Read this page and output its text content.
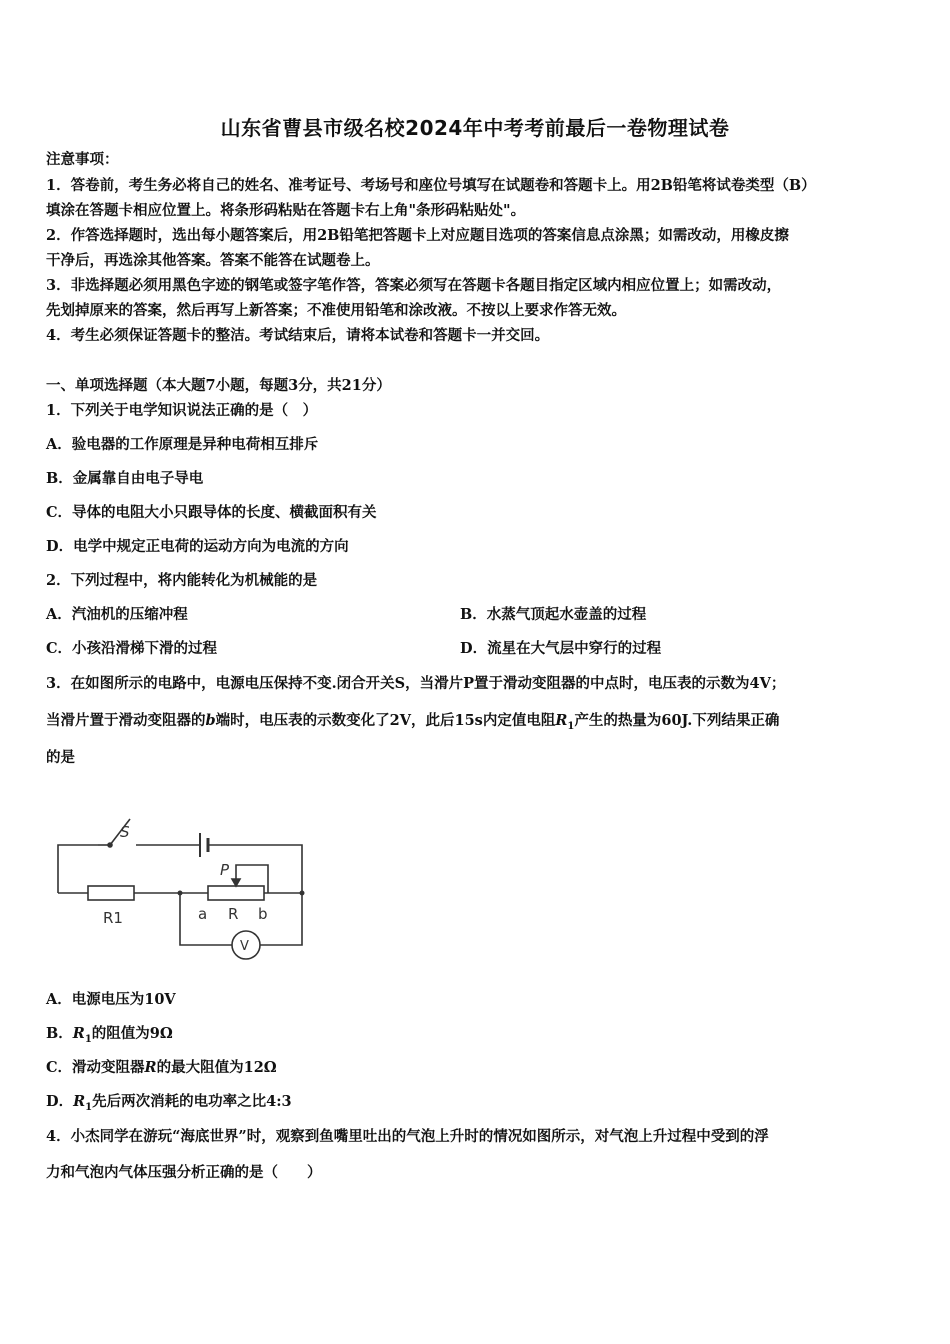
山东省曹县市级名校2024年中考考前最后一卷物理试卷
注意事项：
1．答卷前，考生务必将自己的姓名、准考证号、考场号和座位号填写在试题卷和答题卡上。用2B铅笔将试卷类型（B）
填涂在答题卡相应位置上。将条形码粘贴在答题卡右上角"条形码粘贴处"。
2．作答选择题时，选出每小题答案后，用2B铅笔把答题卡上对应题目选项的答案信息点涂黑；如需改动，用橡皮擦
干净后，再选涂其他答案。答案不能答在试题卷上。
3．非选择题必须用黑色字迹的钢笔或签字笔作答，答案必须写在答题卡各题目指定区域内相应位置上；如需改动，
先划掉原来的答案，然后再写上新答案；不准使用铅笔和涂改液。不按以上要求作答无效。
4．考生必须保证答题卡的整洁。考试结束后，请将本试卷和答题卡一并交回。
一、单项选择题（本大题7小题，每题3分，共21分）
1．下列关于电学知识说法正确的是（　）
A．验电器的工作原理是异种电荷相互排斥
B．金属靠自由电子导电
C．导体的电阻大小只跟导体的长度、横截面积有关
D．电学中规定正电荷的运动方向为电流的方向
2．下列过程中，将内能转化为机械能的是
A．汽油机的压缩冲程	B．水蒸气顶起水壶盖的过程
C．小孩沿滑梯下滑的过程	D．流星在大气层中穿行的过程
3．在如图所示的电路中，电源电压保持不变.闭合开关S，当滑片P置于滑动变阻器的中点时，电压表的示数为4V；
当滑片置于滑动变阻器的b端时，电压表的示数变化了2V，此后15s内定值电阻$R_1$产生的热量为60J.下列结果正确
的是
S
P
R1	a R b
V
A．电源电压为10V
B．$R_1$的阻值为9Ω
C．滑动变阻器R的最大阻值为12Ω
D．$R_1$先后两次消耗的电功率之比4:3
4．小杰同学在游玩“海底世界”时，观察到鱼嘴里吐出的气泡上升时的情况如图所示，对气泡上升过程中受到的浮
力和气泡内气体压强分析正确的是（　　）
